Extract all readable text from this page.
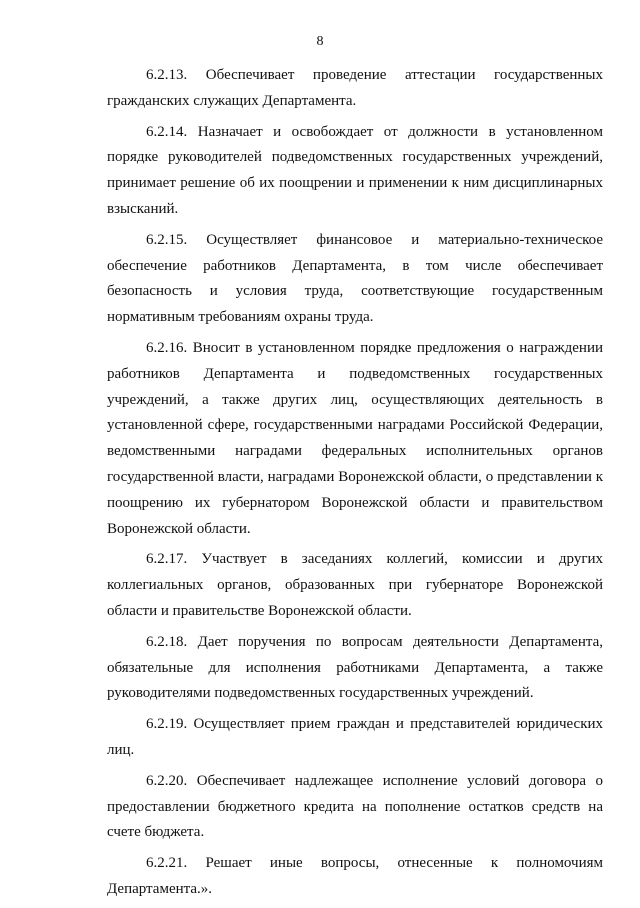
8

6.2.13. Обеспечивает проведение аттестации государственных гражданских служащих Департамента.

6.2.14. Назначает и освобождает от должности в установленном порядке руководителей подведомственных государственных учреждений, принимает решение об их поощрении и применении к ним дисциплинарных взысканий.

6.2.15. Осуществляет финансовое и материально-техническое обеспечение работников Департамента, в том числе обеспечивает безопасность и условия труда, соответствующие государственным нормативным требованиям охраны труда.

6.2.16. Вносит в установленном порядке предложения о награждении работников Департамента и подведомственных государственных учреждений, а также других лиц, осуществляющих деятельность в установленной сфере, государственными наградами Российской Федерации, ведомственными наградами федеральных исполнительных органов государственной власти, наградами Воронежской области, о представлении к поощрению их губернатором Воронежской области и правительством Воронежской области.

6.2.17. Участвует в заседаниях коллегий, комиссии и других коллегиальных органов, образованных при губернаторе Воронежской области и правительстве Воронежской области.

6.2.18. Дает поручения по вопросам деятельности Департамента, обязательные для исполнения работниками Департамента, а также руководителями подведомственных государственных учреждений.

6.2.19. Осуществляет прием граждан и представителей юридических лиц.

6.2.20. Обеспечивает надлежащее исполнение условий договора о предоставлении бюджетного кредита на пополнение остатков средств на счете бюджета.

6.2.21. Решает иные вопросы, отнесенные к полномочиям Департамента.».
